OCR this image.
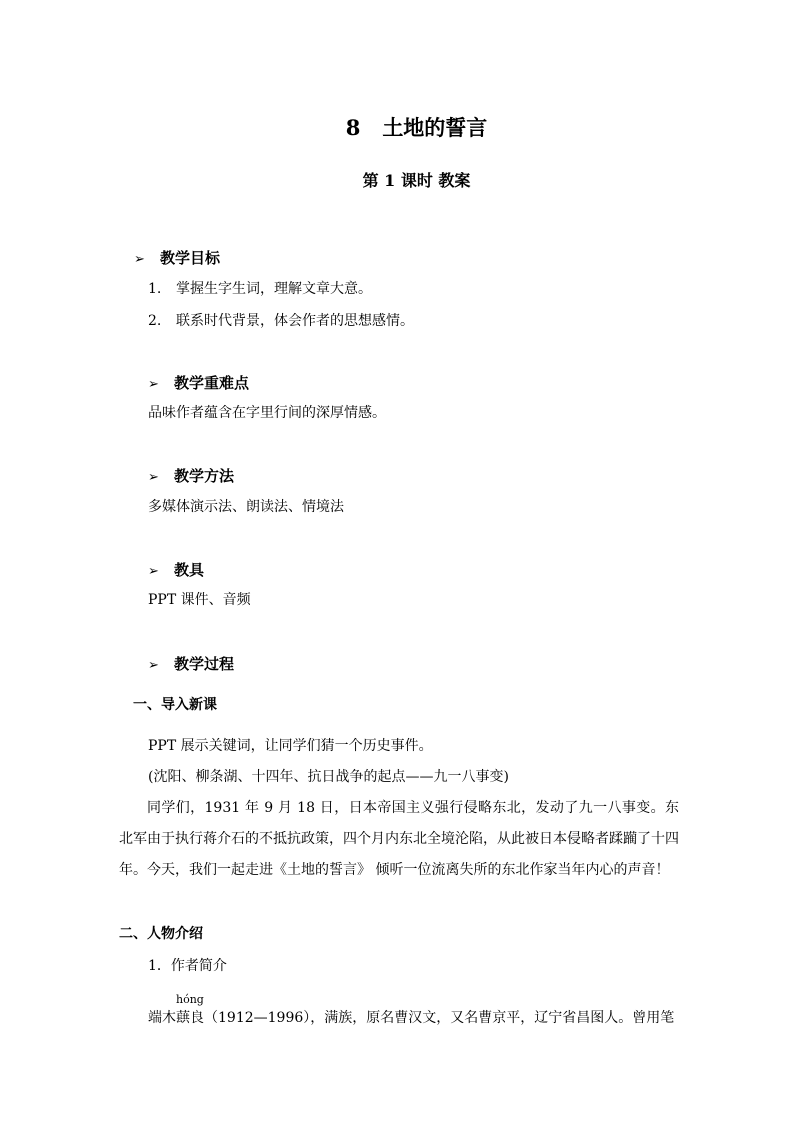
8 土地的誓言
第 1 课时 教案
➢ 教学目标
1. 掌握生字生词，理解文章大意。
2. 联系时代背景，体会作者的思想感情。
➢ 教学重难点
品味作者蕴含在字里行间的深厚情感。
➢ 教学方法
多媒体演示法、朗读法、情境法
➢ 教具
PPT 课件、音频
➢ 教学过程
一、导入新课
PPT 展示关键词，让同学们猜一个历史事件。
(沈阳、柳条湖、十四年、抗日战争的起点——九一八事变)
同学们，1931 年 9 月 18 日，日本帝国主义强行侵略东北，发动了九一八事变。东北军由于执行蒋介石的不抵抗政策，四个月内东北全境沦陷，从此被日本侵略者蹂躏了十四年。今天，我们一起走进《土地的誓言》 倾听一位流离失所的东北作家当年内心的声音！
二、人物介绍
1．作者简介
端木
hóng
蕻良（1912—1996），满族，原名曹汉文，又名曹京平，辽宁省昌图人。曾用笔
